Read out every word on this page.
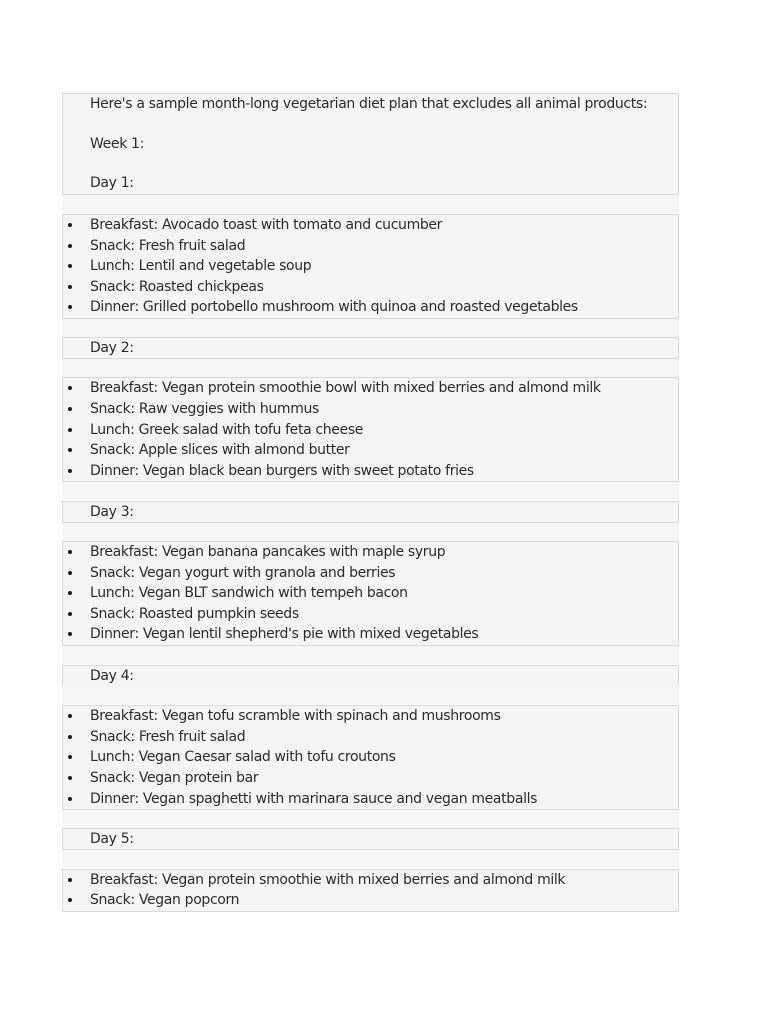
Here's a sample month-long vegetarian diet plan that excludes all animal products:

Week 1:

Day 1:

Breakfast: Avocado toast with tomato and cucumber
Snack: Fresh fruit salad
Lunch: Lentil and vegetable soup
Snack: Roasted chickpeas
Dinner: Grilled portobello mushroom with quinoa and roasted vegetables

Day 2:

Breakfast: Vegan protein smoothie bowl with mixed berries and almond milk
Snack: Raw veggies with hummus
Lunch: Greek salad with tofu feta cheese
Snack: Apple slices with almond butter
Dinner: Vegan black bean burgers with sweet potato fries

Day 3:

Breakfast: Vegan banana pancakes with maple syrup
Snack: Vegan yogurt with granola and berries
Lunch: Vegan BLT sandwich with tempeh bacon
Snack: Roasted pumpkin seeds
Dinner: Vegan lentil shepherd's pie with mixed vegetables

Day 4:

Breakfast: Vegan tofu scramble with spinach and mushrooms
Snack: Fresh fruit salad
Lunch: Vegan Caesar salad with tofu croutons
Snack: Vegan protein bar
Dinner: Vegan spaghetti with marinara sauce and vegan meatballs

Day 5:

Breakfast: Vegan protein smoothie with mixed berries and almond milk
Snack: Vegan popcorn
